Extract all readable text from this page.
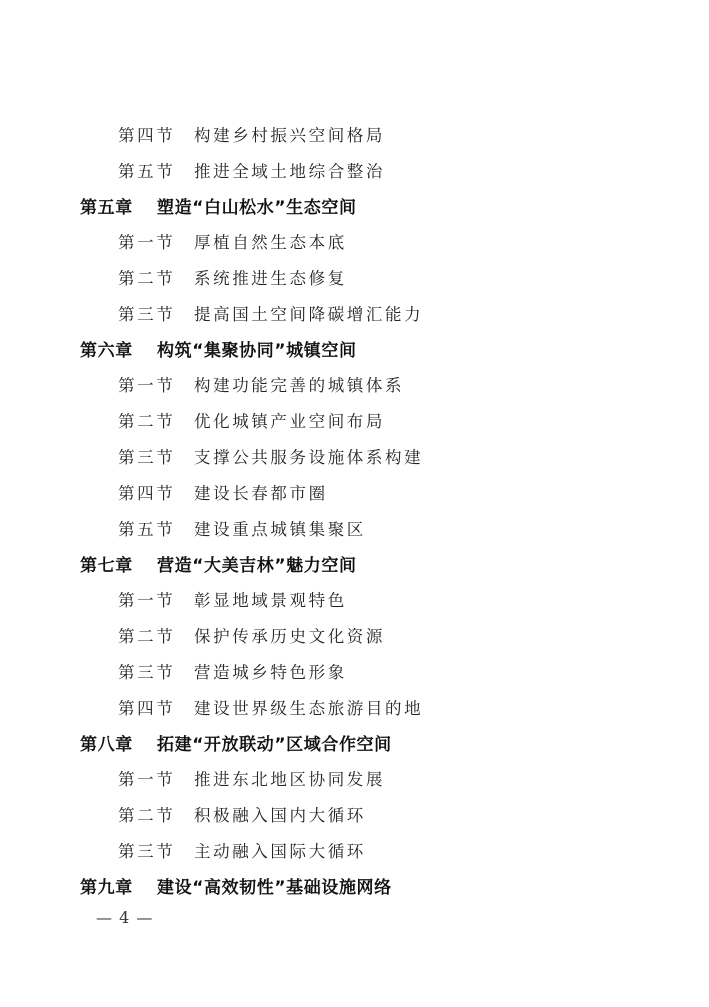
第四节	构建乡村振兴空间格局
第五节	推进全域土地综合整治
第五章	塑造“白山松水”生态空间
第一节	厚植自然生态本底
第二节	系统推进生态修复
第三节	提高国土空间降碳增汇能力
第六章	构筑“集聚协同”城镇空间
第一节	构建功能完善的城镇体系
第二节	优化城镇产业空间布局
第三节	支撑公共服务设施体系构建
第四节	建设长春都市圈
第五节	建设重点城镇集聚区
第七章	营造“大美吉林”魅力空间
第一节	彰显地域景观特色
第二节	保护传承历史文化资源
第三节	营造城乡特色形象
第四节	建设世界级生态旅游目的地
第八章	拓建“开放联动”区域合作空间
第一节	推进东北地区协同发展
第二节	积极融入国内大循环
第三节	主动融入国际大循环
第九章	建设“高效韧性”基础设施网络
— 4 —
